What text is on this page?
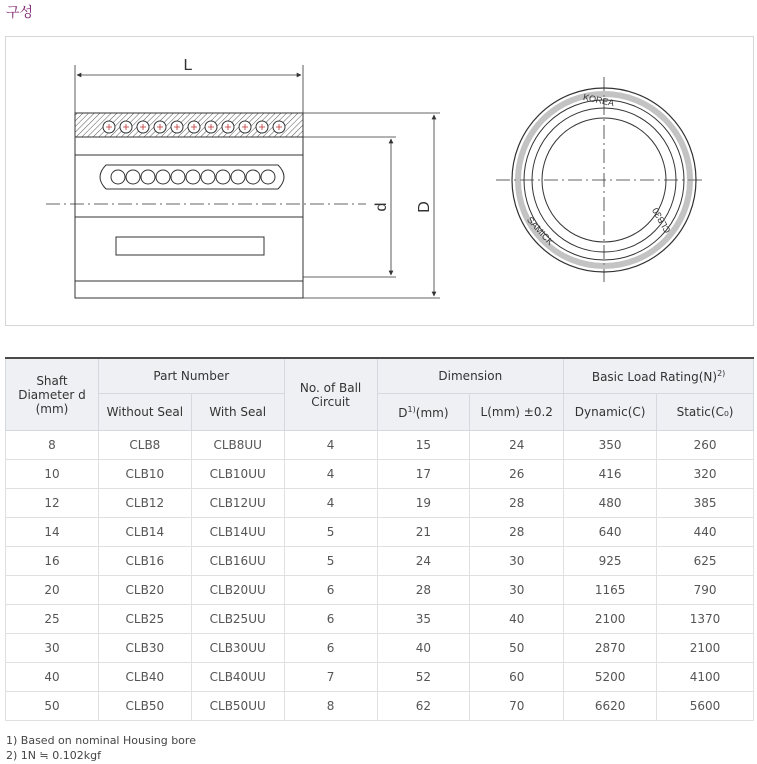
구성
L
d D
KOREA
SAMICK	CLB30
Shaft Diameter d (mm)	Part Number		No. of Ball Circuit	Dimension		Basic Load $Rating(N)^{2)}$
	Without Seal	With Seal		$D^{1)}(mm)$	L(mm) ±0.2	Dynamic(C)	Static(C₀)
8	CLB8	CLB8UU	4	15	24	350	260
10	CLB10	CLB10UU	4	17	26	416	320
12	CLB12	CLB12UU	4	19	28	480	385
14	CLB14	CLB14UU	5	21	28	640	440
16	CLB16	CLB16UU	5	24	30	925	625
20	CLB20	CLB20UU	6	28	30	1165	790
25	CLB25	CLB25UU	6	35	40	2100	1370
30	CLB30	CLB30UU	6	40	50	2870	2100
40	CLB40	CLB40UU	7	52	60	5200	4100
50	CLB50	CLB50UU	8	62	70	6620	5600
1) Based on nominal Housing bore
2) 1N ≒ 0.102kgf
